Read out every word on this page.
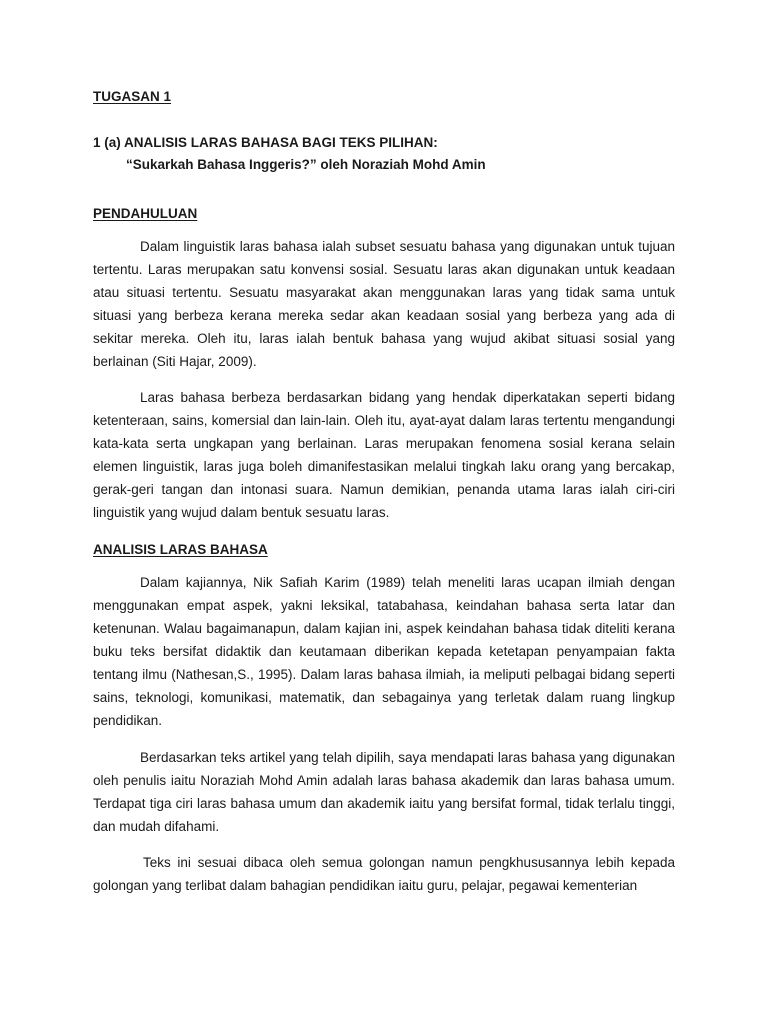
TUGASAN 1
1 (a) ANALISIS LARAS BAHASA BAGI TEKS PILIHAN:
“Sukarkah Bahasa Inggeris?” oleh Noraziah Mohd Amin
PENDAHULUAN

Dalam linguistik laras bahasa ialah subset sesuatu bahasa yang digunakan untuk tujuan tertentu. Laras merupakan satu konvensi sosial. Sesuatu laras akan digunakan untuk keadaan atau situasi tertentu. Sesuatu masyarakat akan menggunakan laras yang tidak sama untuk situasi yang berbeza kerana mereka sedar akan keadaan sosial yang berbeza yang ada di sekitar mereka. Oleh itu, laras ialah bentuk bahasa yang wujud akibat situasi sosial yang berlainan (Siti Hajar, 2009).

Laras bahasa berbeza berdasarkan bidang yang hendak diperkatakan seperti bidang ketenteraan, sains, komersial dan lain-lain. Oleh itu, ayat-ayat dalam laras tertentu mengandungi kata-kata serta ungkapan yang berlainan. Laras merupakan fenomena sosial kerana selain elemen linguistik, laras juga boleh dimanifestasikan melalui tingkah laku orang yang bercakap, gerak-geri tangan dan intonasi suara. Namun demikian, penanda utama laras ialah ciri-ciri linguistik yang wujud dalam bentuk sesuatu laras.

ANALISIS LARAS BAHASA

Dalam kajiannya, Nik Safiah Karim (1989) telah meneliti laras ucapan ilmiah dengan menggunakan empat aspek, yakni leksikal, tatabahasa, keindahan bahasa serta latar dan ketenunan. Walau bagaimanapun, dalam kajian ini, aspek keindahan bahasa tidak diteliti kerana buku teks bersifat didaktik dan keutamaan diberikan kepada ketetapan penyampaian fakta tentang ilmu (Nathesan,S., 1995). Dalam laras bahasa ilmiah, ia meliputi pelbagai bidang seperti sains, teknologi, komunikasi, matematik, dan sebagainya yang terletak dalam ruang lingkup pendidikan.

Berdasarkan teks artikel yang telah dipilih, saya mendapati laras bahasa yang digunakan oleh penulis iaitu Noraziah Mohd Amin adalah laras bahasa akademik dan laras bahasa umum. Terdapat tiga ciri laras bahasa umum dan akademik iaitu yang bersifat formal, tidak terlalu tinggi, dan mudah difahami.

Teks ini sesuai dibaca oleh semua golongan namun pengkhususannya lebih kepada golongan yang terlibat dalam bahagian pendidikan iaitu guru, pelajar, pegawai kementerian
